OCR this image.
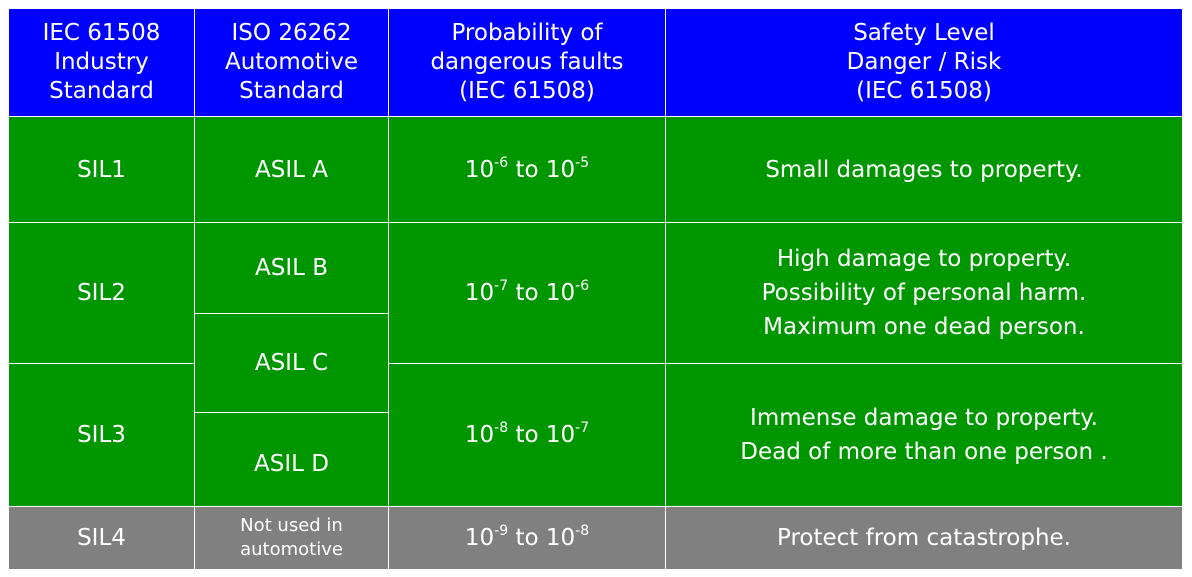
IEC 61508
Industry
Standard
ISO 26262
Automotive
Standard
Probability of
dangerous faults
(IEC 61508)
Safety Level
Danger / Risk
(IEC 61508)
SIL1
SIL2
SIL3
SIL4
ASIL A
ASIL B
ASIL C
ASIL D
Not used in
automotive
$10^{-6}$ to $10^{-5}$
$10^{-7}$ to $10^{-6}$
$10^{-8}$ to $10^{-7}$
$10^{-9}$ to $10^{-8}$
Small damages to property.
High damage to property.
Possibility of personal harm.
Maximum one dead person.
Immense damage to property.
Dead of more than one person .
Protect from catastrophe.
